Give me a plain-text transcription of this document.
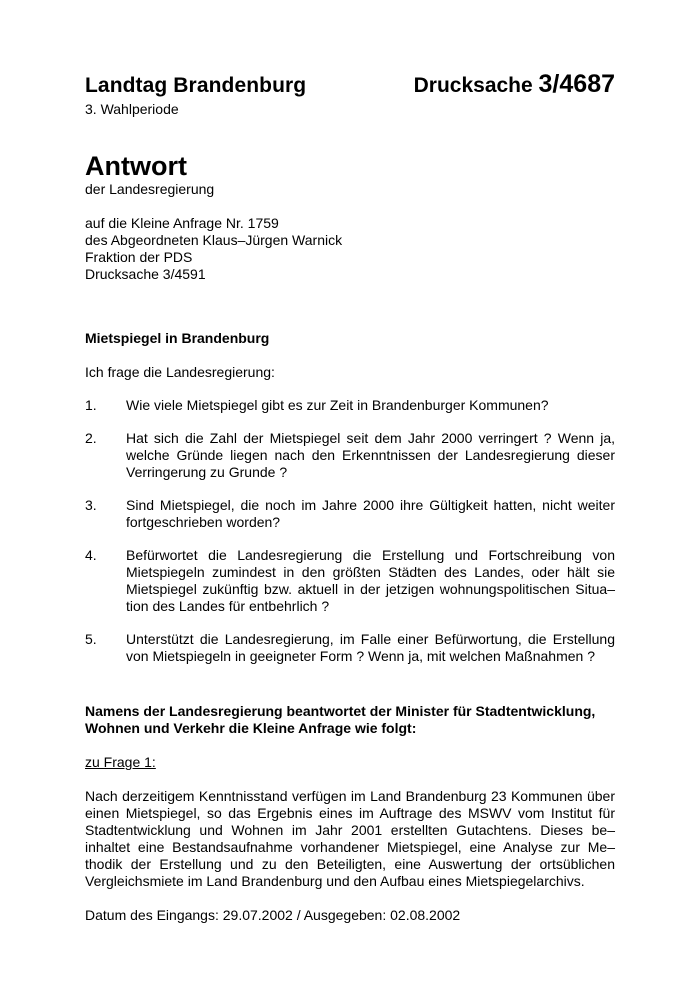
Landtag Brandenburg	Drucksache 3/4687

3. Wahlperiode

Antwort

der Landesregierung

auf die Kleine Anfrage Nr. 1759

des Abgeordneten Klaus–Jürgen Warnick

Fraktion der PDS

Drucksache 3/4591

Mietspiegel in Brandenburg

Ich frage die Landesregierung:

1.	Wie viele Mietspiegel gibt es zur Zeit in Brandenburger Kommunen?
2.	Hat sich die Zahl der Mietspiegel seit dem Jahr 2000 verringert ? Wenn ja, welche Gründe liegen nach den Erkenntnissen der Landesregierung dieser Verringerung zu Grunde ?
3.	Sind Mietspiegel, die noch im Jahre 2000 ihre Gültigkeit hatten, nicht weiter fortgeschrieben worden?
4.	Befürwortet die Landesregierung die Erstellung und Fortschreibung von Mietspiegeln zumindest in den größten Städten des Landes, oder hält sie Mietspiegel zukünftig bzw. aktuell in der jetzigen wohnungspolitischen Situa–tion des Landes für entbehrlich ?
5.	Unterstützt die Landesregierung, im Falle einer Befürwortung, die Erstellung von Mietspiegeln in geeigneter Form ? Wenn ja, mit welchen Maßnahmen ?

Namens der Landesregierung beantwortet der Minister für Stadtentwicklung, Wohnen und Verkehr die Kleine Anfrage wie folgt:

zu Frage 1:

Nach derzeitigem Kenntnisstand verfügen im Land Brandenburg 23 Kommunen über einen Mietspiegel, so das Ergebnis eines im Auftrage des MSWV vom Institut für Stadtentwicklung und Wohnen im Jahr 2001 erstellten Gutachtens. Dieses be–inhaltet eine Bestandsaufnahme vorhandener Mietspiegel, eine Analyse zur Me–thodik der Erstellung und zu den Beteiligten, eine Auswertung der ortsüblichen Vergleichsmiete im Land Brandenburg und den Aufbau eines Mietspiegelarchivs.

Datum des Eingangs: 29.07.2002 / Ausgegeben: 02.08.2002
